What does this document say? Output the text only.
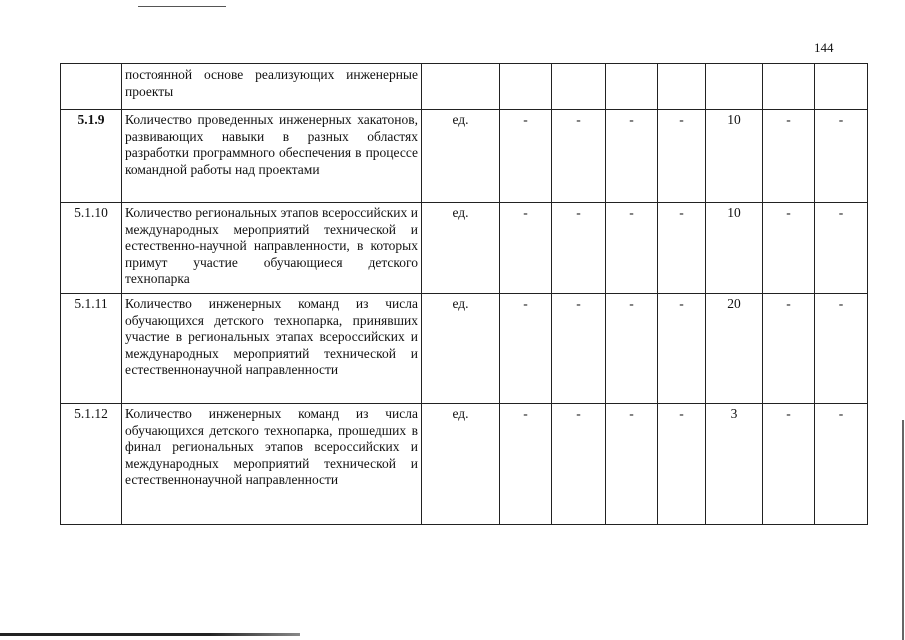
144
	постоянной основе реализующих инженерные проекты								
5.1.9	Количество проведенных инженерных хакатонов, развивающих навыки в разных областях разработки программного обеспечения в процессе командной работы над проектами	ед.	-	-	-	-	10	-	-
5.1.10	Количество региональных этапов всероссийских и международных мероприятий технической и естественно-научной направленности, в которых примут участие обучающиеся детского технопарка	ед.	-	-	-	-	10	-	-
5.1.11	Количество инженерных команд из числа обучающихся детского технопарка, принявших участие в региональных этапах всероссийских и международных мероприятий технической и естественнонаучной направленности	ед.	-	-	-	-	20	-	-
5.1.12	Количество инженерных команд из числа обучающихся детского технопарка, прошедших в финал региональных этапов всероссийских и международных мероприятий технической и естественнонаучной направленности	ед.	-	-	-	-	3	-	-
